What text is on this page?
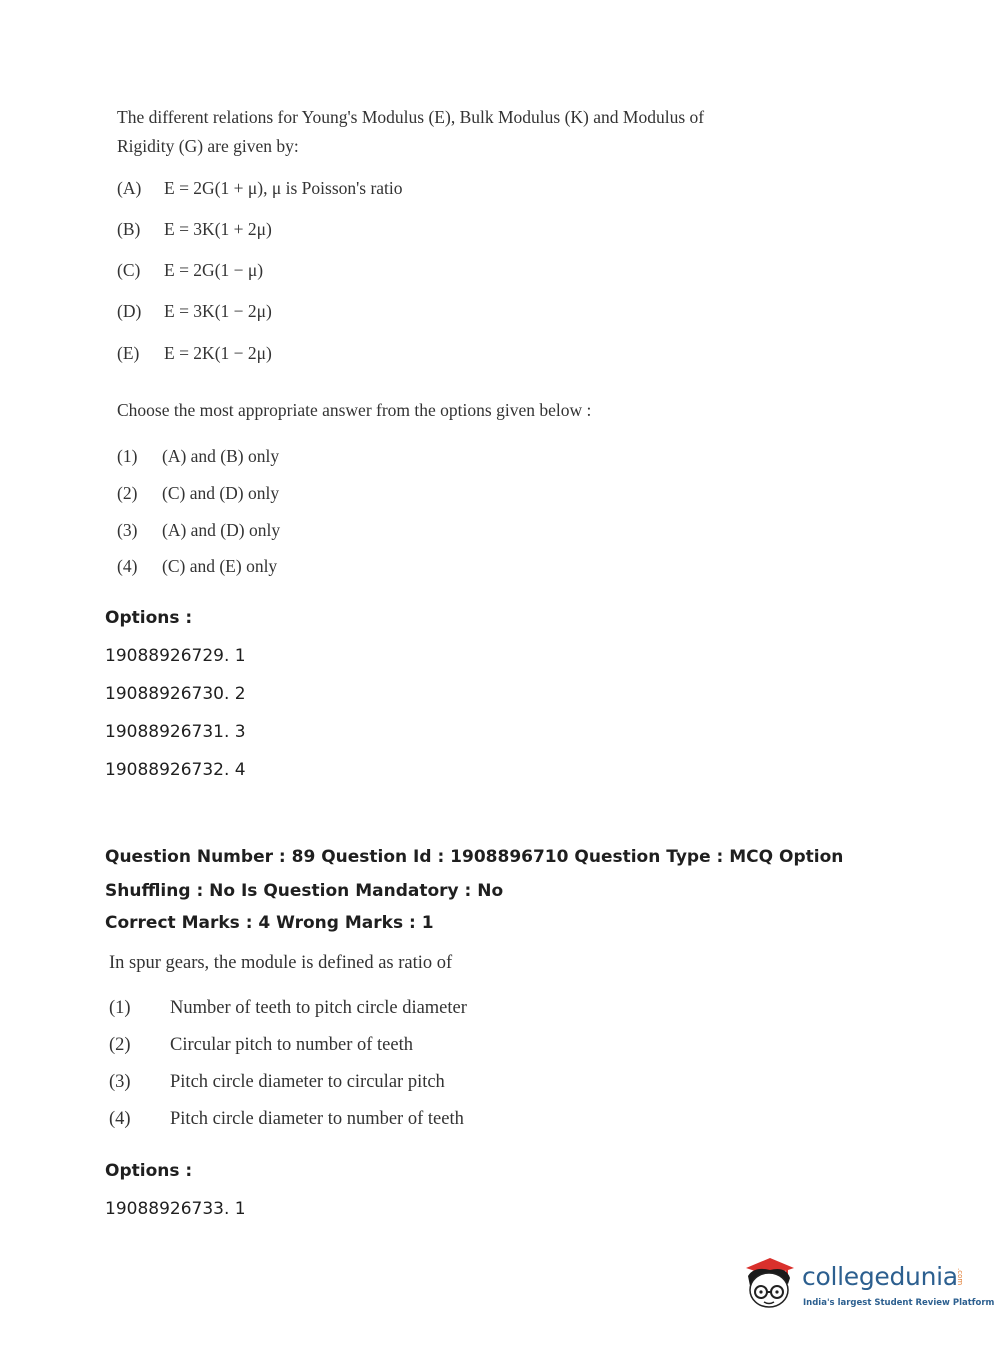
The different relations for Young's Modulus (E), Bulk Modulus (K) and Modulus of Rigidity (G) are given by:
(A)	E = 2G(1 + μ), μ is Poisson's ratio
(B)	E = 3K(1 + 2μ)
(C)	E = 2G(1 − μ)
(D)	E = 3K(1 − 2μ)
(E)	E = 2K(1 − 2μ)
Choose the most appropriate answer from the options given below :
(1)	(A) and (B) only
(2)	(C) and (D) only
(3)	(A) and (D) only
(4)	(C) and (E) only
Options :
19088926729. 1
19088926730. 2
19088926731. 3
19088926732. 4
Question Number : 89 Question Id : 1908896710 Question Type : MCQ Option Shuffling : No Is Question Mandatory : No
Correct Marks : 4 Wrong Marks : 1
In spur gears, the module is defined as ratio of
(1)	Number of teeth to pitch circle diameter
(2)	Circular pitch to number of teeth
(3)	Pitch circle diameter to circular pitch
(4)	Pitch circle diameter to number of teeth
Options :
19088926733. 1
collegedunia
.com
India's largest Student Review Platform
